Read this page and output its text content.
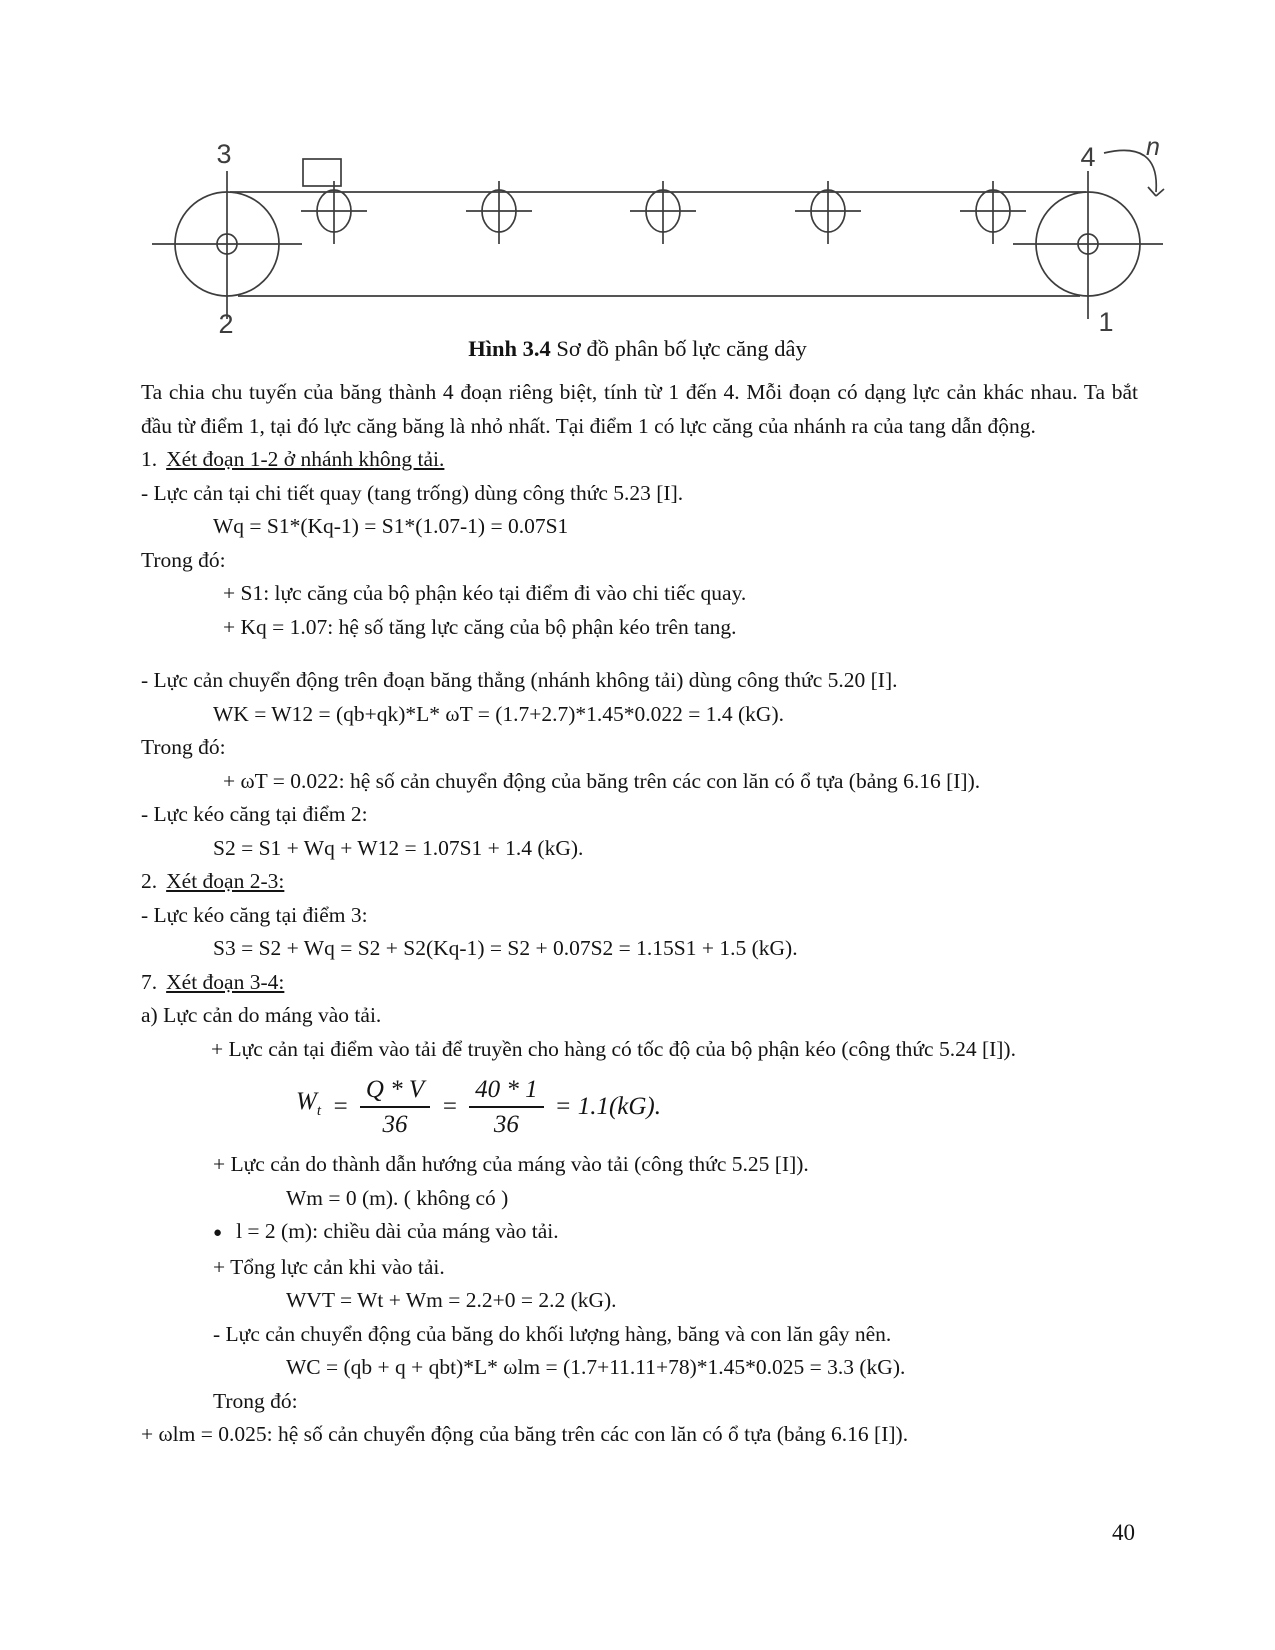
3
2
4
1
n
Hình 3.4 Sơ đồ phân bố lực căng dây

Ta chia chu tuyến của băng thành 4 đoạn riêng biệt, tính từ 1 đến 4. Mỗi đoạn có dạng lực cản khác nhau. Ta bắt đầu từ điểm 1, tại đó lực căng băng là nhỏ nhất. Tại điểm 1 có lực căng của nhánh ra của tang dẫn động.

1. Xét đoạn 1-2 ở nhánh không tải.

- Lực cản tại chi tiết quay (tang trống) dùng công thức 5.23 [I].

Wq = S1*(Kq-1) = S1*(1.07-1) = 0.07S1

Trong đó:

+ S1: lực căng của bộ phận kéo tại điểm đi vào chi tiếc quay.

+ Kq = 1.07: hệ số tăng lực căng của bộ phận kéo trên tang.

- Lực cản chuyển động trên đoạn băng thẳng (nhánh không tải) dùng công thức 5.20 [I].

WK = W12 = (qb+qk)*L* ωT = (1.7+2.7)*1.45*0.022 = 1.4 (kG).

Trong đó:

+ ωT = 0.022: hệ số cản chuyển động của băng trên các con lăn có ổ tựa (bảng 6.16 [I]).

- Lực kéo căng tại điểm 2:

S2 = S1 + Wq + W12 = 1.07S1 + 1.4 (kG).

2. Xét đoạn 2-3:

- Lực kéo căng tại điểm 3:

S3 = S2 + Wq = S2 + S2(Kq-1) = S2 + 0.07S2 = 1.15S1 + 1.5 (kG).

7. Xét đoạn 3-4:

a) Lực cản do máng vào tải.

+ Lực cản tại điểm vào tải để truyền cho hàng có tốc độ của bộ phận kéo (công thức 5.24 [I]).

$W_t = \frac{Q * V}{36} = \frac{40 * 1}{36} = 1.1(kG)$.

+ Lực cản do thành dẫn hướng của máng vào tải (công thức 5.25 [I]).

Wm = 0 (m). ( không có )

● l = 2 (m): chiều dài của máng vào tải.

+ Tổng lực cản khi vào tải.

WVT = Wt + Wm = 2.2+0 = 2.2 (kG).

- Lực cản chuyển động của băng do khối lượng hàng, băng và con lăn gây nên.

WC = (qb + q + qbt)*L* ωlm = (1.7+11.11+78)*1.45*0.025 = 3.3 (kG).

Trong đó:

+ ωlm = 0.025: hệ số cản chuyển động của băng trên các con lăn có ổ tựa (bảng 6.16 [I]).

40
